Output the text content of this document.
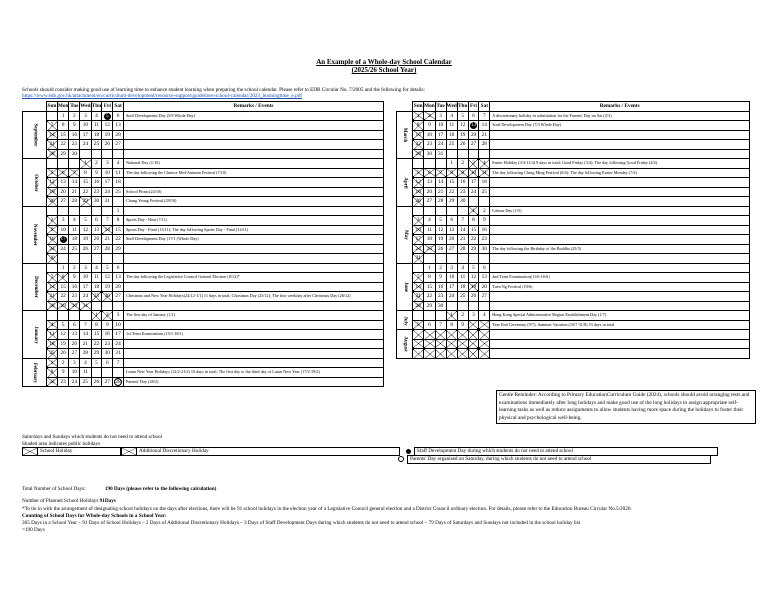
An Example of a Whole-day School Calendar
(2025/26 School Year)
Schools should consider making good use of learning time to enhance student learning when preparing the school calendar. Please refer to EDB Circular No. 7/2005 and the following for details:
https://www.edb.gov.hk/attachment/en/curriculum-development/resource-support/guidelines-school-calendar/2023_learningtime_e.pdf
	Sun	Mon	Tue	Wed	Thu	Fri	Sat	Remarks / Events
September		1	2	3	4	5	6	Staff Development Day (5/9 Whole Day)
	7	8	9	10	11	12	13	
	14	15	16	17	18	19	20	
	21	22	23	24	25	26	27	
	28	29	30					
October				1	2	3	4	National Day (1/10)
	5	6	7	8	9	10	11	The day following the Chinese Mid-Autumn Festival (7/10)
	12	13	14	15	16	17	18	
	19	20	21	22	23	24	25	School Picnic(24/10)
	26	27	28	29	30	31		Chung Yeung Festival (29/10)
November							1	
	2	3	4	5	6	7	8	Sports Day - Heat (7/11)
	9	10	11	12	13	14	15	Sports Day - Final (13/11); The day following Sports Day - Final (14/11)
	16	17	18	19	20	21	22	Staff Development Day (17/1 (Whole Day)
	23	24	25	26	27	28	29	
	30							
December		1	2	3	4	5	6	
	7	8	9	10	11	12	13	The day following the Legislative Council General Election (8/12)*
	14	15	16	17	18	19	20	
	21	22	23	24	25	26	27	Christmas and New Year Holidays(24/12-1/1) 11 days in total; Christmas Day (25/12); The first weekday after Christmas Day (26/12)
	28	29	30	31				
January					1	2	3	The first day of January (1/1)
	4	5	6	7	8	9	10	
	11	12	13	14	15	16	17	1st Term Examination (15/1-18/1)
	18	19	20	21	22	23	24	
	25	26	27	28	29	30	31	
February	1	2	3	4	5	6	7	
	8	9	10	11				Lunar New Year Holidays (12/2-21/2) 10 days in total; The first day to the third day of Lunar New Year (17/2-19/2)
	22	23	24	25	26	27	28	Parents' Day (28/2)
	Sun	Mon	Tue	Wed	Thu	Fri	Sat	Remarks / Events
March	1	2	3	4	5	6	7	A discretionary holiday in substitution for the Parents' Day on Sat (2/3)
	8	9	10	11	12	13	14	Staff Development Day (7/3 Whole Day)
	15	16	17	18	19	20	21	
	22	23	24	25	26	27	28	
	29	30	31					
April				1	2	3	4	Easter Holiday (3/4-11/4) 9 days in total; Good Friday (3/4); The day following Good Friday (4/4)
	5	6	7	8	9	10	11	The day following Ching Ming Festival (6/4); The day following Easter Monday (7/4)
	12	13	14	15	16	17	18	
	19	20	21	22	23	24	25	
	26	27	28	29	30			
May						1	2	Labour Day (1/5)
	3	4	5	6	7	8	9	
	10	11	12	13	14	15	16	
	17	18	19	20	21	22	23	
	24	25	26	27	28	29	30	The day following the Birthday of the Buddha (25/5)
	31							
June		1	2	3	4	5	6	
	7	8	9	10	11	12	13	2nd Term Examination(11/6-16/6)
	14	15	16	17	18	19	20	Tuen Ng Festival (19/6)
	21	22	23	24	25	26	27	
	28	29	30					
July				1	2	3	4	Hong Kong Special Administrative Region Establishment Day (1/7)
	5	6	7	8	9			Year End Ceremony (9/7); Summer Vacation (10/7-31/8) 53 days in total
August								

Gentle Reminder: According to Primary EducationCurriculum Guide (2024), schools should avoid arranging tests and examinations immediately after long holidays and make good use of the long holidays to assign appropriate self-learning tasks as well as reduce assignments to allow students having more space during the holidays to foster their physical and psychological well-being.
Saturdays and Sundays which students do not need to attend school
Shaded area indicates public holidays
School Holiday	Additional Discretionary Holiday	Staff Development Day during which students do not need to attend school
Parents' Day organised on Saturday, during which students do not need to attend school
Total Number of School Days:	190 Days (please refer to the following calculation)
Number of Planned School Holidays 91Days
*To tie in with the arrangement of designating school holidays on the days after elections, there will be 91 school holidays in the election year of a Legislative Council general election and a District Council ordinary election. For details, please refer to the Education Bureau Circular No.5/2020.
Counting of School Days for Whole-day Schools in a School Year:
365 Days in a School Year – 91 Days of School Holidays – 2 Days of Additional Discretionary Holidays – 3 Days of Staff Development Days during which students do not need to attend school – 79 Days of Saturdays and Sundays not included in the school holiday list
=190 Days
